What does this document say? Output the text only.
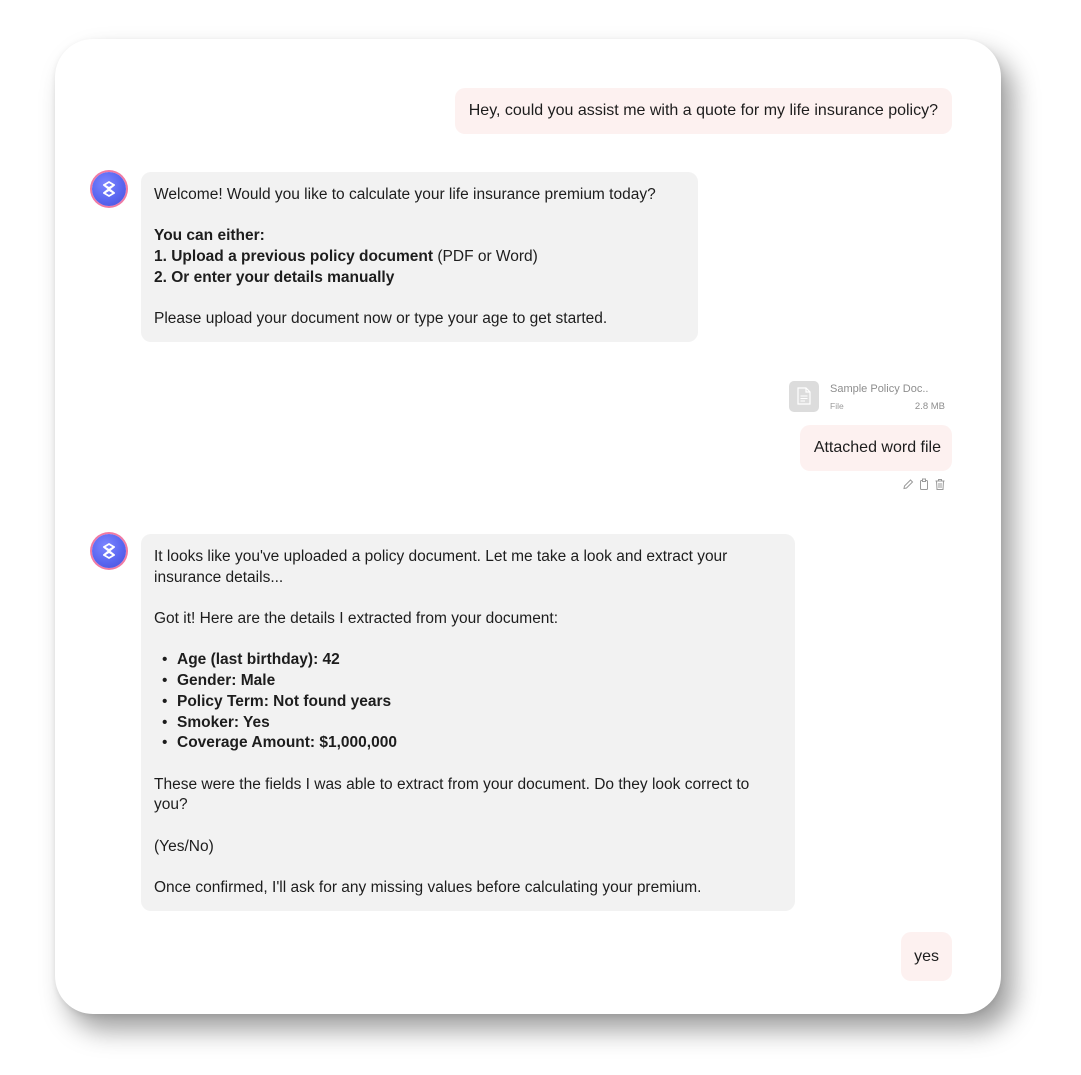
Hey, could you assist me with a quote for my life insurance policy?
Welcome! Would you like to calculate your life insurance premium today?
You can either:
1. Upload a previous policy document (PDF or Word)
2. Or enter your details manually
Please upload your document now or type your age to get started.
Sample Policy Doc..
File	2.8 MB
Attached word file
It looks like you've uploaded a policy document. Let me take a look and extract your insurance details...
Got it! Here are the details I extracted from your document:
• Age (last birthday): 42
• Gender: Male
• Policy Term: Not found years
• Smoker: Yes
• Coverage Amount: $1,000,000
These were the fields I was able to extract from your document. Do they look correct to you?
(Yes/No)
Once confirmed, I'll ask for any missing values before calculating your premium.
yes
